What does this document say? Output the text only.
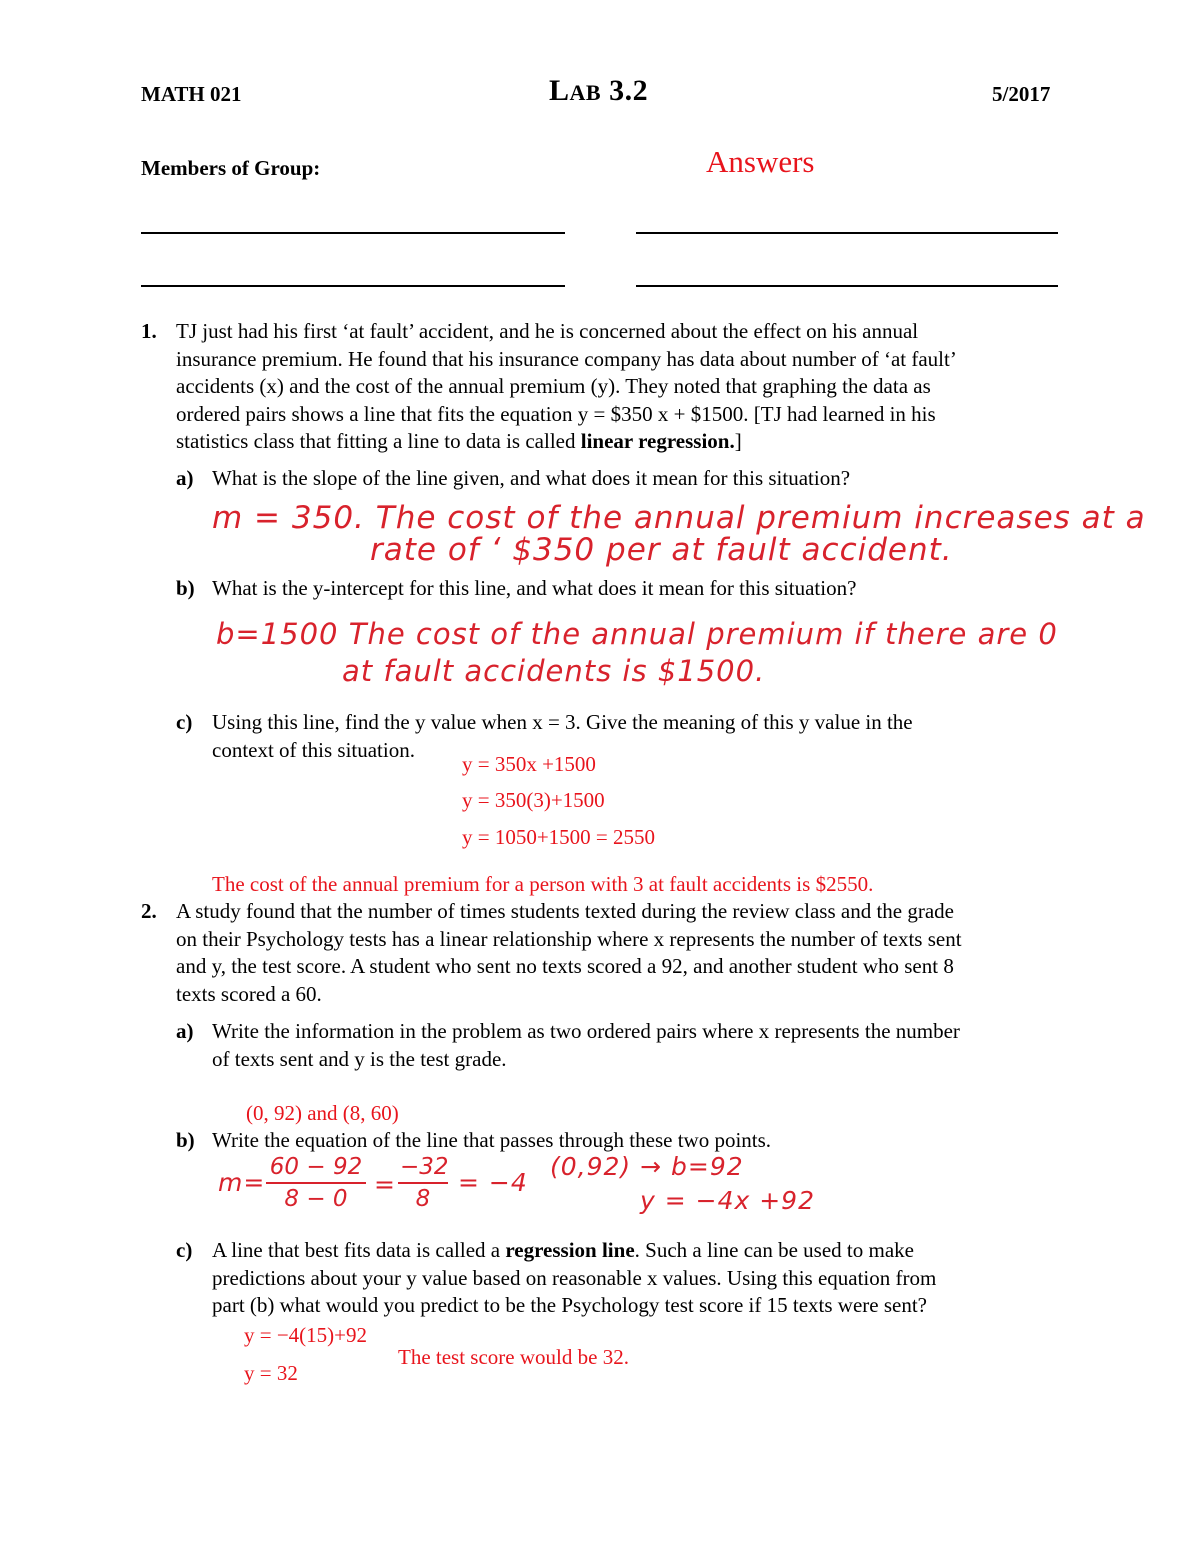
MATH 021	LAB 3.2	5/2017
Members of Group:	Answers
1. TJ just had his first ‘at fault’ accident, and he is concerned about the effect on his annual
insurance premium. He found that his insurance company has data about number of ‘at fault’
accidents (x) and the cost of the annual premium (y). They noted that graphing the data as
ordered pairs shows a line that fits the equation y = $350 x + $1500. [TJ had learned in his
statistics class that fitting a line to data is called linear regression.]
a) What is the slope of the line given, and what does it mean for this situation?
m = 350. The cost of the annual premium increases at a
rate of ‘ $350 per at fault accident.
b) What is the y-intercept for this line, and what does it mean for this situation?
b=1500 The cost of the annual premium if there are 0
at fault accidents is $1500.
c) Using this line, find the y value when x = 3. Give the meaning of this y value in the
context of this situation.
y = 350x +1500
y = 350(3)+1500
y = 1050+1500 = 2550
The cost of the annual premium for a person with 3 at fault accidents is $2550.
2. A study found that the number of times students texted during the review class and the grade
on their Psychology tests has a linear relationship where x represents the number of texts sent
and y, the test score. A student who sent no texts scored a 92, and another student who sent 8
texts scored a 60.
a) Write the information in the problem as two ordered pairs where x represents the number
of texts sent and y is the test grade.
(0, 92) and (8, 60)
b) Write the equation of the line that passes through these two points.
$m= \frac{60 - 92}{8 - 0} = \frac{-32}{8} = -4$
(0,92) → b=92
y = −4x +92
c) A line that best fits data is called a regression line. Such a line can be used to make
predictions about your y value based on reasonable x values. Using this equation from
part (b) what would you predict to be the Psychology test score if 15 texts were sent?
y = −4(15)+92
y = 32
The test score would be 32.
